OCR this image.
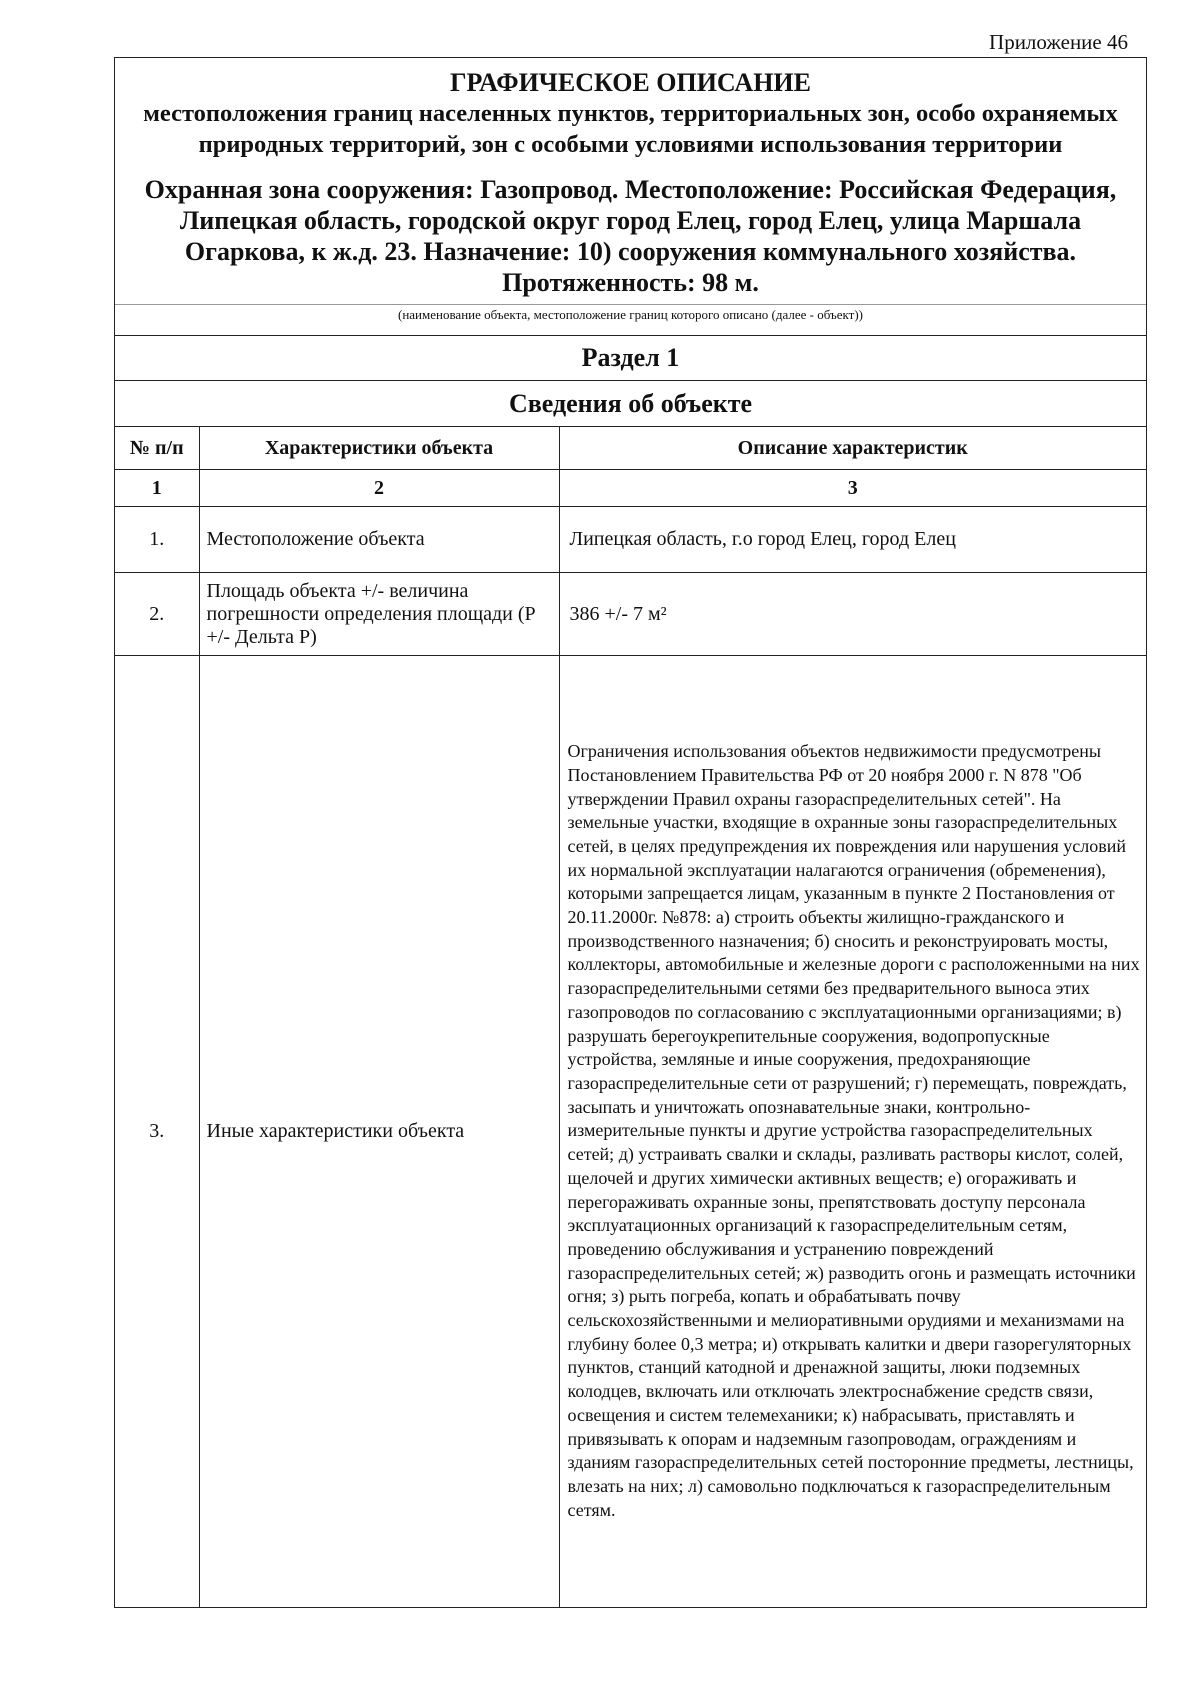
Приложение 46

ГРАФИЧЕСКОЕ ОПИСАНИЕ

местоположения границ населенных пунктов, территориальных зон, особо охраняемых природных территорий, зон с особыми условиями использования территории

Охранная зона сооружения: Газопровод. Местоположение: Российская Федерация, Липецкая область, городской округ город Елец, город Елец, улица Маршала Огаркова, к ж.д. 23. Назначение: 10) сооружения коммунального хозяйства. Протяженность: 98 м.

(наименование объекта, местоположение границ которого описано (далее - объект))
Раздел 1
Сведения об объекте
№ п/п	Характеристики объекта	Описание характеристик
1	2	3
1.	Местоположение объекта	Липецкая область, г.о город Елец, город Елец
2.	Площадь объекта +/- величина погрешности определения площади (Р +/- Дельта Р)	386 +/- 7 м²
3.	Иные характеристики объекта	Ограничения использования объектов недвижимости предусмотрены Постановлением Правительства РФ от 20 ноября 2000 г. N 878 "Об утверждении Правил охраны газораспределительных сетей". На земельные участки, входящие в охранные зоны газораспределительных сетей, в целях предупреждения их повреждения или нарушения условий их нормальной эксплуатации налагаются ограничения (обременения), которыми запрещается лицам, указанным в пункте 2 Постановления от 20.11.2000г. №878: а) строить объекты жилищно-гражданского и производственного назначения; б) сносить и реконструировать мосты, коллекторы, автомобильные и железные дороги с расположенными на них газораспределительными сетями без предварительного выноса этих газопроводов по согласованию с эксплуатационными организациями; в) разрушать берегоукрепительные сооружения, водопропускные устройства, земляные и иные сооружения, предохраняющие газораспределительные сети от разрушений; г) перемещать, повреждать, засыпать и уничтожать опознавательные знаки, контрольно-измерительные пункты и другие устройства газораспределительных сетей; д) устраивать свалки и склады, разливать растворы кислот, солей, щелочей и других химически активных веществ; е) огораживать и перегораживать охранные зоны, препятствовать доступу персонала эксплуатационных организаций к газораспределительным сетям, проведению обслуживания и устранению повреждений газораспределительных сетей; ж) разводить огонь и размещать источники огня; з) рыть погреба, копать и обрабатывать почву сельскохозяйственными и мелиоративными орудиями и механизмами на глубину более 0,3 метра; и) открывать калитки и двери газорегуляторных пунктов, станций катодной и дренажной защиты, люки подземных колодцев, включать или отключать электроснабжение средств связи, освещения и систем телемеханики; к) набрасывать, приставлять и привязывать к опорам и надземным газопроводам, ограждениям и зданиям газораспределительных сетей посторонние предметы, лестницы, влезать на них; л) самовольно подключаться к газораспределительным сетям.
